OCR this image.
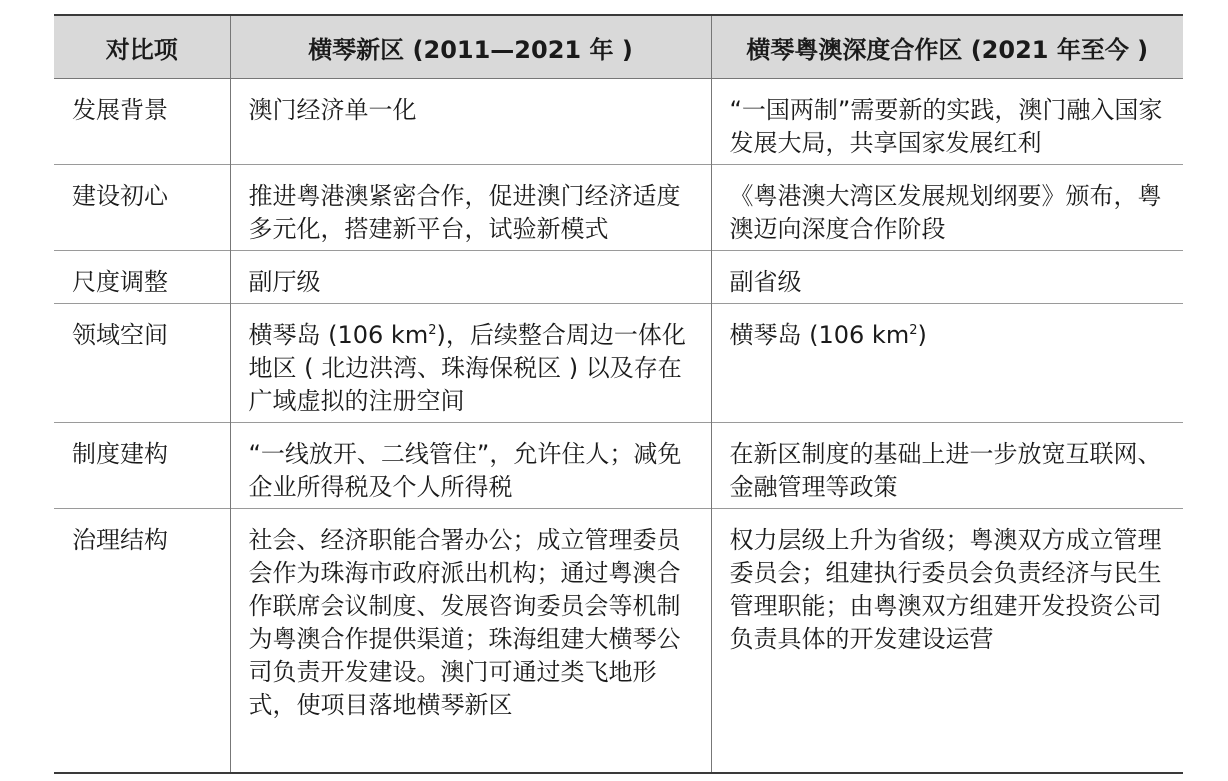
对比项	横琴新区 (2011—2021 年 )	横琴粤澳深度合作区 (2021 年至今 )
发展背景	澳门经济单一化	“一国两制”需要新的实践，澳门融入国家发展大局，共享国家发展红利
建设初心	推进粤港澳紧密合作，促进澳门经济适度多元化，搭建新平台，试验新模式	《粤港澳大湾区发展规划纲要》颁布，粤澳迈向深度合作阶段
尺度调整	副厅级	副省级
领域空间	横琴岛 (106 $km^2$)，后续整合周边一体化地区 ( 北边洪湾、珠海保税区 ) 以及存在广域虚拟的注册空间	横琴岛 (106 $km^2$)
制度建构	“一线放开、二线管住”，允许住人；减免企业所得税及个人所得税	在新区制度的基础上进一步放宽互联网、金融管理等政策
治理结构	社会、经济职能合署办公；成立管理委员会作为珠海市政府派出机构；通过粤澳合作联席会议制度、发展咨询委员会等机制为粤澳合作提供渠道；珠海组建大横琴公司负责开发建设。澳门可通过类飞地形式，使项目落地横琴新区	权力层级上升为省级；粤澳双方成立管理委员会；组建执行委员会负责经济与民生管理职能；由粤澳双方组建开发投资公司负责具体的开发建设运营
